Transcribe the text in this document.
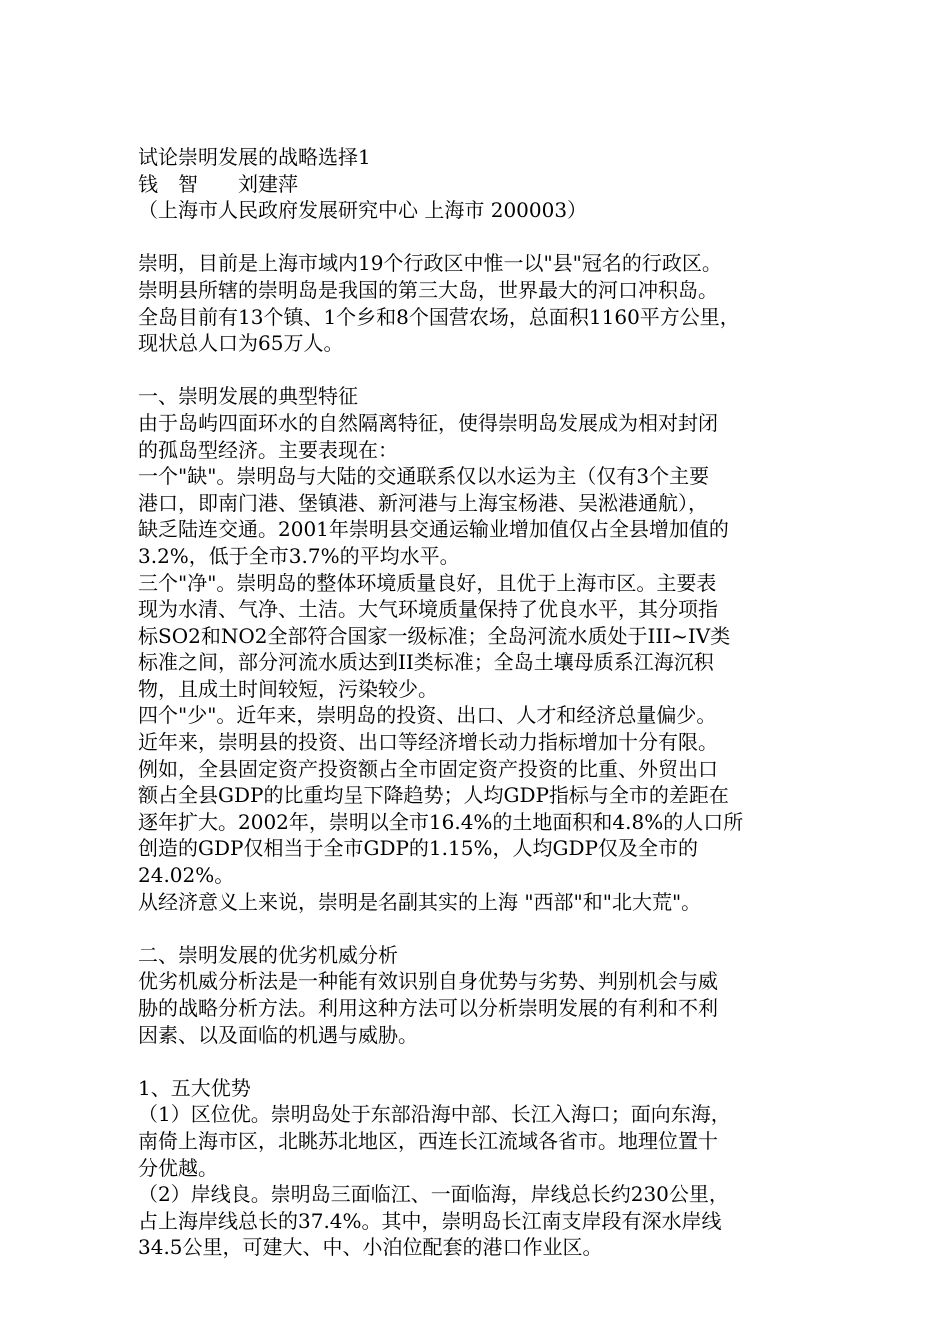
试论崇明发展的战略选择1
钱　智　　刘建萍
（上海市人民政府发展研究中心 上海市 200003）
崇明，目前是上海市域内19个行政区中惟一以"县"冠名的行政区。
崇明县所辖的崇明岛是我国的第三大岛，世界最大的河口冲积岛。
全岛目前有13个镇、1个乡和8个国营农场，总面积1160平方公里，
现状总人口为65万人。
一、崇明发展的典型特征
由于岛屿四面环水的自然隔离特征，使得崇明岛发展成为相对封闭
的孤岛型经济。主要表现在：
一个"缺"。崇明岛与大陆的交通联系仅以水运为主（仅有3个主要
港口，即南门港、堡镇港、新河港与上海宝杨港、吴淞港通航），
缺乏陆连交通。2001年崇明县交通运输业增加值仅占全县增加值的
3.2%，低于全市3.7%的平均水平。
三个"净"。崇明岛的整体环境质量良好，且优于上海市区。主要表
现为水清、气净、土洁。大气环境质量保持了优良水平，其分项指
标SO2和NO2全部符合国家一级标准；全岛河流水质处于III~IV类
标准之间，部分河流水质达到II类标准；全岛土壤母质系江海沉积
物，且成土时间较短，污染较少。
四个"少"。近年来，崇明岛的投资、出口、人才和经济总量偏少。
近年来，崇明县的投资、出口等经济增长动力指标增加十分有限。
例如，全县固定资产投资额占全市固定资产投资的比重、外贸出口
额占全县GDP的比重均呈下降趋势；人均GDP指标与全市的差距在
逐年扩大。2002年，崇明以全市16.4%的土地面积和4.8%的人口所
创造的GDP仅相当于全市GDP的1.15%，人均GDP仅及全市的
24.02%。
从经济意义上来说，崇明是名副其实的上海 "西部"和"北大荒"。
二、崇明发展的优劣机威分析
优劣机威分析法是一种能有效识别自身优势与劣势、判别机会与威
胁的战略分析方法。利用这种方法可以分析崇明发展的有利和不利
因素、以及面临的机遇与威胁。
1、五大优势
（1）区位优。崇明岛处于东部沿海中部、长江入海口；面向东海，
南倚上海市区，北眺苏北地区，西连长江流域各省市。地理位置十
分优越。
（2）岸线良。崇明岛三面临江、一面临海，岸线总长约230公里，
占上海岸线总长的37.4%。其中，崇明岛长江南支岸段有深水岸线
34.5公里，可建大、中、小泊位配套的港口作业区。
